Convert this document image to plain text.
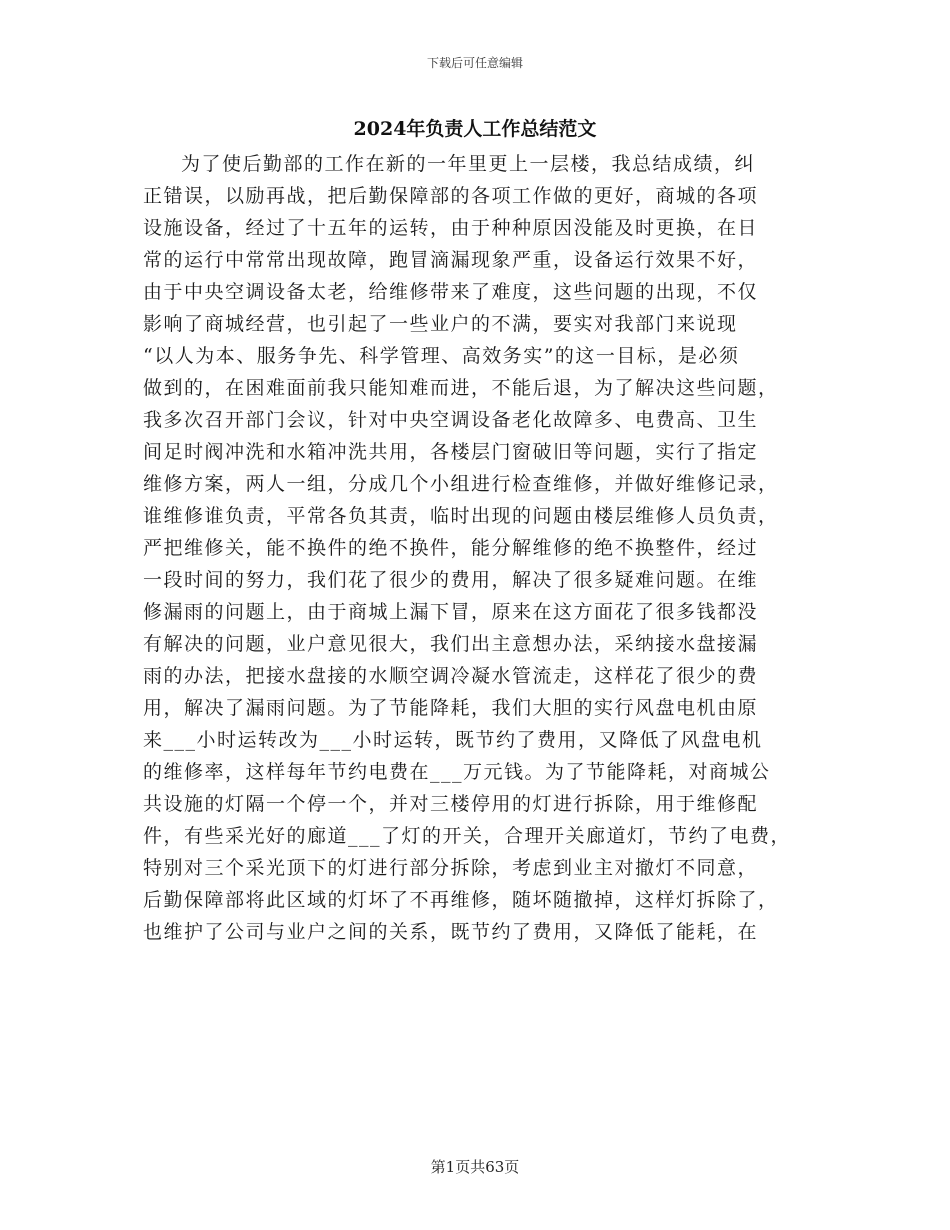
下载后可任意编辑
2024年负责人工作总结范文
为了使后勤部的工作在新的一年里更上一层楼，我总结成绩，纠
正错误，以励再战，把后勤保障部的各项工作做的更好，商城的各项
设施设备，经过了十五年的运转，由于种种原因没能及时更换，在日
常的运行中常常出现故障，跑冒滴漏现象严重，设备运行效果不好，
由于中央空调设备太老，给维修带来了难度，这些问题的出现，不仅
影响了商城经营，也引起了一些业户的不满，要实对我部门来说现
“以人为本、服务争先、科学管理、高效务实”的这一目标，是必须
做到的，在困难面前我只能知难而进，不能后退，为了解决这些问题，
我多次召开部门会议，针对中央空调设备老化故障多、电费高、卫生
间足时阀冲洗和水箱冲洗共用，各楼层门窗破旧等问题，实行了指定
维修方案，两人一组，分成几个小组进行检查维修，并做好维修记录，
谁维修谁负责，平常各负其责，临时出现的问题由楼层维修人员负责，
严把维修关，能不换件的绝不换件，能分解维修的绝不换整件，经过
一段时间的努力，我们花了很少的费用，解决了很多疑难问题。在维
修漏雨的问题上，由于商城上漏下冒，原来在这方面花了很多钱都没
有解决的问题，业户意见很大，我们出主意想办法，采纳接水盘接漏
雨的办法，把接水盘接的水顺空调冷凝水管流走，这样花了很少的费
用，解决了漏雨问题。为了节能降耗，我们大胆的实行风盘电机由原
来___小时运转改为___小时运转，既节约了费用，又降低了风盘电机
的维修率，这样每年节约电费在___万元钱。为了节能降耗，对商城公
共设施的灯隔一个停一个，并对三楼停用的灯进行拆除，用于维修配
件，有些采光好的廊道___了灯的开关，合理开关廊道灯，节约了电费，
特别对三个采光顶下的灯进行部分拆除，考虑到业主对撤灯不同意，
后勤保障部将此区域的灯坏了不再维修，随坏随撤掉，这样灯拆除了，
也维护了公司与业户之间的关系，既节约了费用，又降低了能耗，在
第1页共63页
